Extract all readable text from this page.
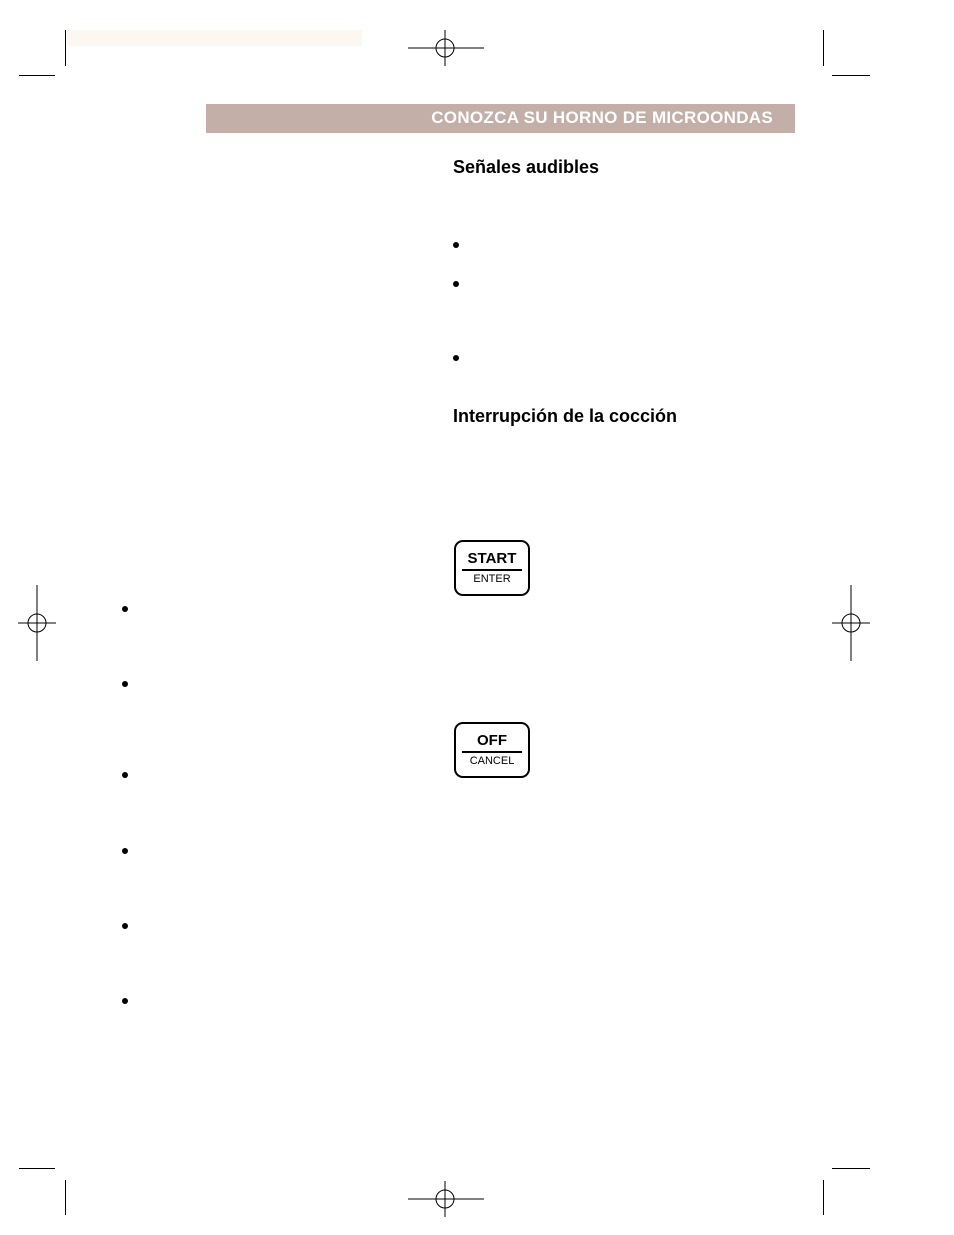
CONOZCA SU HORNO DE MICROONDAS
Señales audibles
Interrupción de la cocción
START
ENTER
OFF
CANCEL
